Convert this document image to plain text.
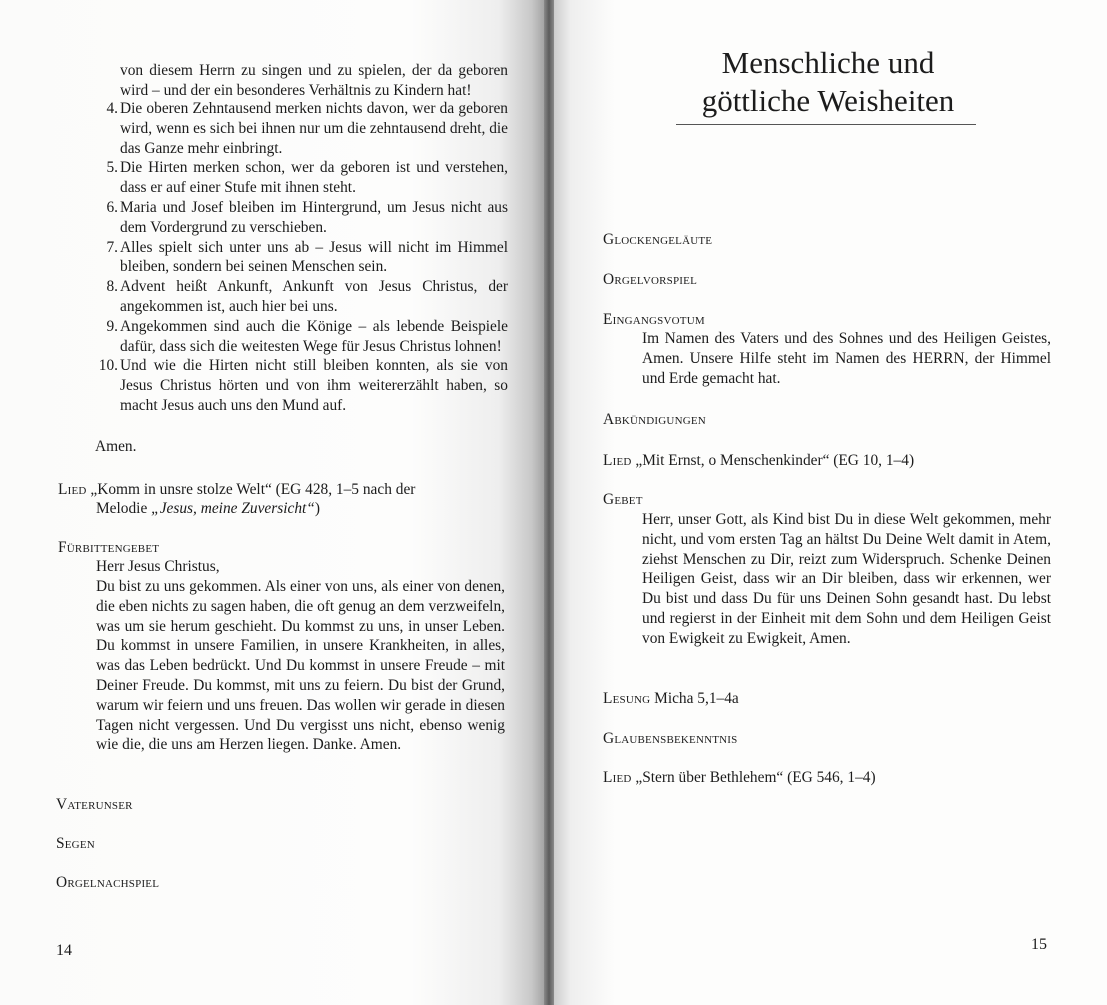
von diesem Herrn zu singen und zu spielen, der da geboren wird – und der ein besonderes Verhältnis zu Kindern hat!
4. Die oberen Zehntausend merken nichts davon, wer da geboren wird, wenn es sich bei ihnen nur um die zehntausend dreht, die das Ganze mehr einbringt.
5. Die Hirten merken schon, wer da geboren ist und verstehen, dass er auf einer Stufe mit ihnen steht.
6. Maria und Josef bleiben im Hintergrund, um Jesus nicht aus dem Vordergrund zu verschieben.
7. Alles spielt sich unter uns ab – Jesus will nicht im Himmel bleiben, sondern bei seinen Menschen sein.
8. Advent heißt Ankunft, Ankunft von Jesus Christus, der angekommen ist, auch hier bei uns.
9. Angekommen sind auch die Könige – als lebende Beispiele dafür, dass sich die weitesten Wege für Jesus Christus lohnen!
10. Und wie die Hirten nicht still bleiben konnten, als sie von Jesus Christus hörten und von ihm weitererzählt haben, so macht Jesus auch uns den Mund auf.
Amen.
Lied „Komm in unsre stolze Welt“ (EG 428, 1–5 nach der
Melodie „Jesus, meine Zuversicht“)
Fürbittengebet
Herr Jesus Christus,
Du bist zu uns gekommen. Als einer von uns, als einer von denen, die eben nichts zu sagen haben, die oft genug an dem verzweifeln, was um sie herum geschieht. Du kommst zu uns, in unser Leben. Du kommst in unsere Familien, in unsere Krankheiten, in alles, was das Leben bedrückt. Und Du kommst in unsere Freude – mit Deiner Freude. Du kommst, mit uns zu feiern. Du bist der Grund, warum wir feiern und uns freuen. Das wollen wir gerade in diesen Tagen nicht vergessen. Und Du vergisst uns nicht, ebenso wenig wie die, die uns am Herzen liegen. Danke. Amen.
Vaterunser
Segen
Orgelnachspiel
14
Menschliche und
göttliche Weisheiten
Glockengeläute
Orgelvorspiel
Eingangsvotum
Im Namen des Vaters und des Sohnes und des Heiligen Geistes, Amen. Unsere Hilfe steht im Namen des HERRN, der Himmel und Erde gemacht hat.
Abkündigungen
Lied „Mit Ernst, o Menschenkinder“ (EG 10, 1–4)
Gebet
Herr, unser Gott, als Kind bist Du in diese Welt gekommen, mehr nicht, und vom ersten Tag an hältst Du Deine Welt damit in Atem, ziehst Menschen zu Dir, reizt zum Widerspruch. Schenke Deinen Heiligen Geist, dass wir an Dir bleiben, dass wir erkennen, wer Du bist und dass Du für uns Deinen Sohn gesandt hast. Du lebst und regierst in der Einheit mit dem Sohn und dem Heiligen Geist von Ewigkeit zu Ewigkeit, Amen.
Lesung Micha 5,1–4a
Glaubensbekenntnis
Lied „Stern über Bethlehem“ (EG 546, 1–4)
15
